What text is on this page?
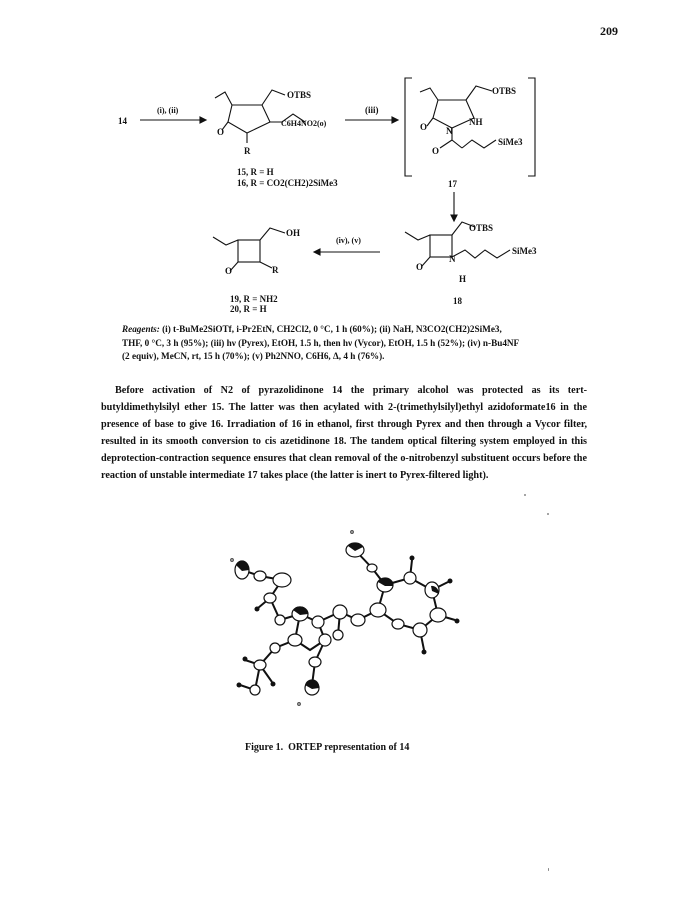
209
14
(i), (ii)
OTBS
C6H4NO2(o)
O
R
(iii)
OTBS
NH
O N
O
SiMe3
17
OTBS
O
N
H
SiMe3
18
(iv), (v)
OH
O	R
15, R = H
16, R = CO2(CH2)2SiMe3
19, R = NH2
20, R = H
Reagents: (i) t-BuMe2SiOTf, i-Pr2EtN, CH2Cl2, 0 °C, 1 h (60%); (ii) NaH, N3CO2(CH2)2SiMe3,
THF, 0 °C, 3 h (95%); (iii) hν (Pyrex), EtOH, 1.5 h, then hν (Vycor), EtOH, 1.5 h (52%); (iv) n-Bu4NF
(2 equiv), MeCN, rt, 15 h (70%); (v) Ph2NNO, C6H6, Δ, 4 h (76%).
Before activation of N2 of pyrazolidinone 14 the primary alcohol was protected as its tert-
butyldimethylsilyl ether 15. The latter was then acylated with 2-(trimethylsilyl)ethyl azidoformate16 in the
presence of base to give 16. Irradiation of 16 in ethanol, first through Pyrex and then through a Vycor filter,
resulted in its smooth conversion to cis azetidinone 18. The tandem optical filtering system employed in this
deprotection-contraction sequence ensures that clean removal of the o-nitrobenzyl substituent occurs before the
reaction of unstable intermediate 17 takes place (the latter is inert to Pyrex-filtered light).
o
o
o
Figure 1. ORTEP representation of 14
